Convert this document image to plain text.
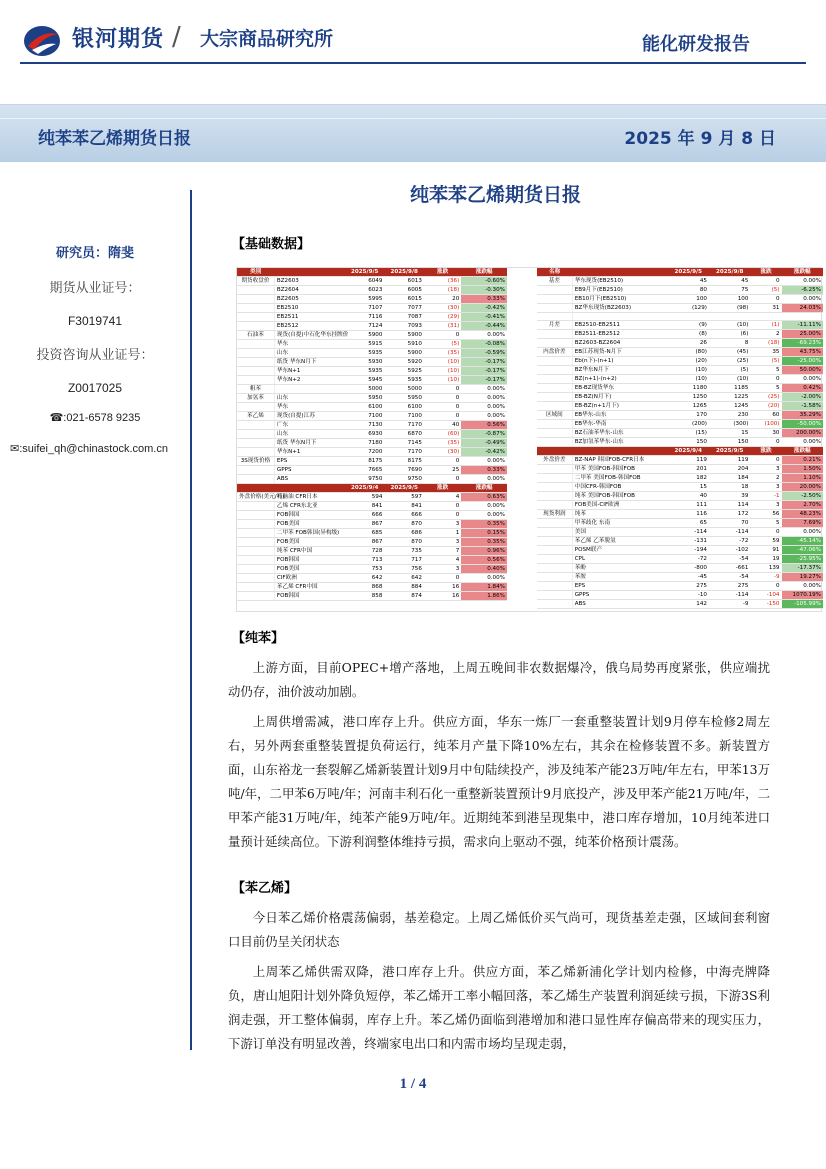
银河期货 / 大宗商品研究所	能化研发报告
纯苯苯乙烯期货日报	2025 年 9 月 8 日
研究员：隋斐
期货从业证号：
F3019741
投资咨询从业证号：
Z0017025
☎:021-6578 9235
✉:suifei_qh@chinastock.com.cn
纯苯苯乙烯期货日报
【基础数据】
类别		2025/9/5	2025/9/8	涨跌	涨跌幅
期货收盘价	BZ2603	6049	6013	(36)	-0.60%
	BZ2604	6023	6005	(18)	-0.30%
	BZ2605	5995	6015	20	0.33%
	EB2510	7107	7077	(30)	-0.42%
	EB2511	7116	7087	(29)	-0.41%
	EB2512	7124	7093	(31)	-0.44%
石油苯	现货(自提)中石化华东挂牌价	5900	5900	0	0.00%
	华东	5915	5910	(5)	-0.08%
	山东	5935	5900	(35)	-0.59%
	纸货 华东N月下	5930	5920	(10)	-0.17%
	华东N+1	5935	5925	(10)	-0.17%
	华东N+2	5945	5935	(10)	-0.17%
粗苯		5000	5000	0	0.00%
加氢苯	山东	5950	5950	0	0.00%
	华东	6100	6100	0	0.00%
苯乙烯	现货(自提)江苏	7100	7100	0	0.00%
	广东	7130	7170	40	0.56%
	山东	6930	6870	(60)	-0.87%
	纸货 华东N月下	7180	7145	(35)	-0.49%
	华东N+1	7200	7170	(30)	-0.42%
3S现货价格	EPS	8175	8175	0	0.00%
	GPPS	7665	7690	25	0.33%
	ABS	9750	9750	0	0.00%
		2025/9/4	2025/9/5	涨跌	涨跌幅
外盘价格(美元/吨)	石脑油 CFR日本	594	597	4	0.63%
	乙烯 CFR东北亚	841	841	0	0.00%
	FOB韩国	666	666	0	0.00%
	FOB美国	867	870	3	0.35%
	二甲苯 FOB韩国(异构级)	685	686	1	0.15%
	FOB美国	867	870	3	0.35%
	纯苯 CFR中国	728	735	7	0.96%
	FOB韩国	713	717	4	0.56%
	FOB美国	753	756	3	0.40%
	CIF欧洲	642	642	0	0.00%
	苯乙烯 CFR中国	868	884	16	1.84%
	FOB韩国	858	874	16	1.86%
名称		2025/9/5	2025/9/8	涨跌	涨跌幅
基差	华东现货(EB2510)	45	45	0	0.00%
	EB9月下(EB2510)	80	75	(5)	-6.25%
	EB10月下(EB2510)	100	100	0	0.00%
	BZ华东现货(BZ2603)	(129)	(98)	31	24.03%

月差	EB2510-EB2511	(9)	(10)	(1)	-11.11%
	EB2511-EB2512	(8)	(6)	2	25.00%
	BZ2603-BZ2604	26	8	(18)	-69.23%
内盘价差	EB江苏现货-N月下	(80)	(45)	35	43.75%
	Eb(n下)-(n+1)	(20)	(25)	(5)	-25.00%
	BZ华东N月下	(10)	(5)	5	50.00%
	BZ(n+1)-(n+2)	(10)	(10)	0	0.00%
	EB-BZ现货华东	1180	1185	5	0.42%
	EB-BZ(N月下)	1250	1225	(25)	-2.00%
	EB-BZ(n+1月下)	1265	1245	(20)	-1.58%
区域间	EB华东-山东	170	230	60	35.29%
	EB华东-华南	(200)	(300)	(100)	-50.00%
	BZ石油苯华东-山东	(15)	15	30	200.00%
	BZ加氢苯华东-山东	150	150	0	0.00%
		2025/9/4	2025/9/5	涨跌	涨跌幅
外盘价差	BZ-NAP 韩国FOB-CFR日本	119	119	0	0.21%
	甲苯 美国FOB-韩国FOB	201	204	3	1.50%
	二甲苯 美国FOB-韩国FOB	182	184	2	1.10%
	中国CFR-韩国FOB	15	18	3	20.00%
	纯苯 美国FOB-韩国FOB	40	39	-1	-2.50%
	FOB美国-CIF欧洲	111	114	3	2.70%
现货利润	纯苯	116	172	56	48.23%
	甲苯歧化 东南	65	70	5	7.69%
	美国	-114	-114	0	0.00%
	苯乙烯 乙苯脱氢	-131	-72	59	-45.14%
	POSM联产	-194	-102	91	-47.06%
	CPL	-72	-54	19	-25.95%
	苯酚	-800	-661	139	-17.37%
	苯胺	-45	-54	-9	19.27%
	EPS	275	275	0	0.00%
	GPPS	-10	-114	-104	1070.19%
	ABS	142	-9	-150	-105.99%
【纯苯】
上游方面，目前OPEC+增产落地，上周五晚间非农数据爆冷，俄乌局势再度紧张，供应端扰动仍存，油价波动加剧。
上周供增需减，港口库存上升。供应方面，华东一炼厂一套重整装置计划9月停车检修2周左右，另外两套重整装置提负荷运行，纯苯月产量下降10%左右，其余在检修装置不多。新装置方面，山东裕龙一套裂解乙烯新装置计划9月中旬陆续投产，涉及纯苯产能23万吨/年左右，甲苯13万吨/年，二甲苯6万吨/年；河南丰利石化一重整新装置预计9月底投产，涉及甲苯产能21万吨/年，二甲苯产能31万吨/年，纯苯产能9万吨/年。近期纯苯到港呈现集中，港口库存增加，10月纯苯进口量预计延续高位。下游利润整体维持亏损，需求向上驱动不强，纯苯价格预计震荡。
【苯乙烯】
今日苯乙烯价格震荡偏弱，基差稳定。上周乙烯低价买气尚可，现货基差走强，区域间套利窗口目前仍呈关闭状态
上周苯乙烯供需双降，港口库存上升。供应方面，苯乙烯新浦化学计划内检修，中海壳牌降负，唐山旭阳计划外降负短停，苯乙烯开工率小幅回落，苯乙烯生产装置利润延续亏损，下游3S利润走强，开工整体偏弱，库存上升。苯乙烯仍面临到港增加和港口显性库存偏高带来的现实压力，下游订单没有明显改善，终端家电出口和内需市场均呈现走弱，
1 / 4
